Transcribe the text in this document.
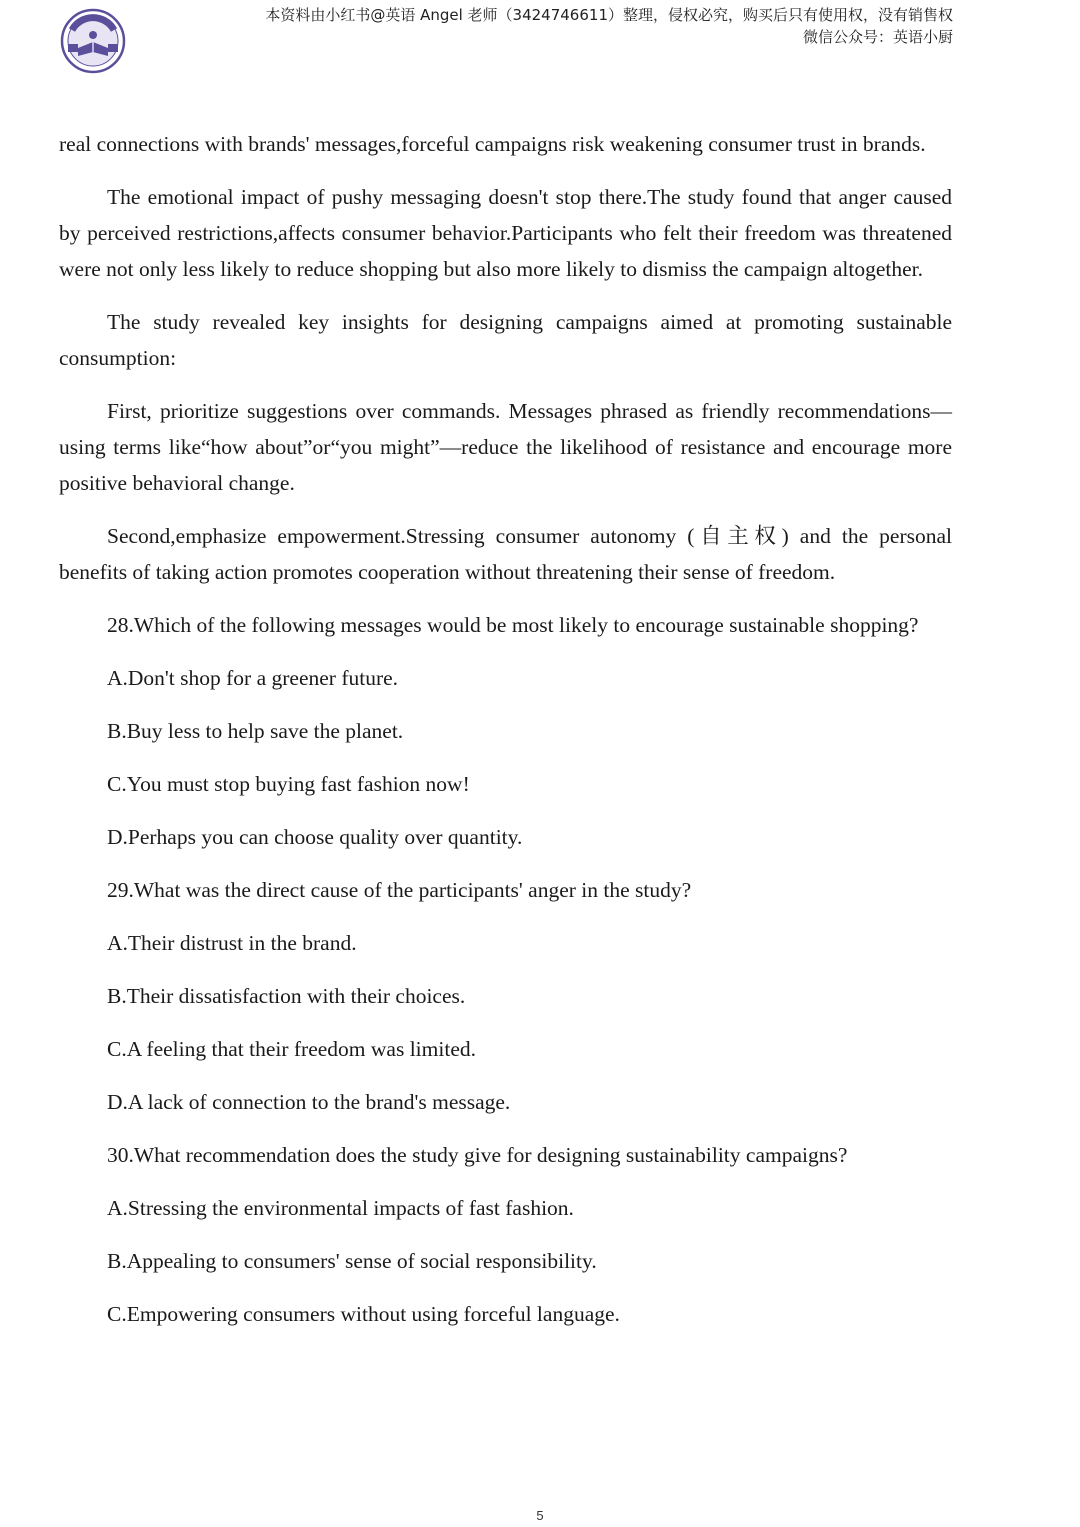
本资料由小红书@英语 Angel 老师（3424746611）整理，侵权必究，购买后只有使用权，没有销售权
微信公众号：英语小厨

real connections with brands' messages,forceful campaigns risk weakening consumer trust in brands.

The emotional impact of pushy messaging doesn't stop there.The study found that anger caused by perceived restrictions,affects consumer behavior.Participants who felt their freedom was threatened were not only less likely to reduce shopping but also more likely to dismiss the campaign altogether.

The study revealed key insights for designing campaigns aimed at promoting sustainable consumption:

First, prioritize suggestions over commands. Messages phrased as friendly recommendations—using terms like“how about”or“you might”—reduce the likelihood of resistance and encourage more positive behavioral change.

Second,emphasize empowerment.Stressing consumer autonomy (自主权) and the personal benefits of taking action promotes cooperation without threatening their sense of freedom.

28.Which of the following messages would be most likely to encourage sustainable shopping?

A.Don't shop for a greener future.
B.Buy less to help save the planet.
C.You must stop buying fast fashion now!
D.Perhaps you can choose quality over quantity.

29.What was the direct cause of the participants' anger in the study?

A.Their distrust in the brand.
B.Their dissatisfaction with their choices.
C.A feeling that their freedom was limited.
D.A lack of connection to the brand's message.

30.What recommendation does the study give for designing sustainability campaigns?

A.Stressing the environmental impacts of fast fashion.
B.Appealing to consumers' sense of social responsibility.
C.Empowering consumers without using forceful language.
5
